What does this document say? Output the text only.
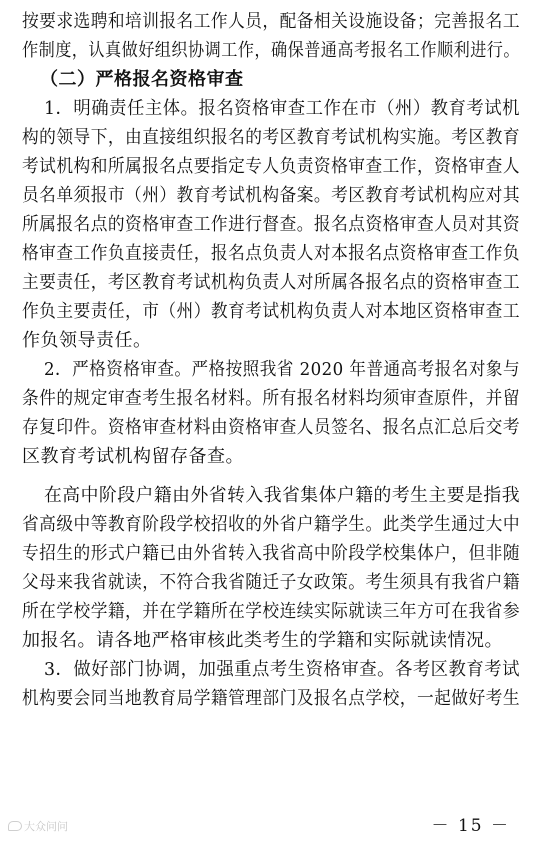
按要求选聘和培训报名工作人员，配备相关设施设备；完善报名工
作制度，认真做好组织协调工作，确保普通高考报名工作顺利进行。
（二）严格报名资格审查
1．明确责任主体。报名资格审查工作在市（州）教育考试机
构的领导下，由直接组织报名的考区教育考试机构实施。考区教育
考试机构和所属报名点要指定专人负责资格审查工作，资格审查人
员名单须报市（州）教育考试机构备案。考区教育考试机构应对其
所属报名点的资格审查工作进行督查。报名点资格审查人员对其资
格审查工作负直接责任，报名点负责人对本报名点资格审查工作负
主要责任，考区教育考试机构负责人对所属各报名点的资格审查工
作负主要责任，市（州）教育考试机构负责人对本地区资格审查工
作负领导责任。
2．严格资格审查。严格按照我省 2020 年普通高考报名对象与
条件的规定审查考生报名材料。所有报名材料均须审查原件，并留
存复印件。资格审查材料由资格审查人员签名、报名点汇总后交考
区教育考试机构留存备查。
在高中阶段户籍由外省转入我省集体户籍的考生主要是指我
省高级中等教育阶段学校招收的外省户籍学生。此类学生通过大中
专招生的形式户籍已由外省转入我省高中阶段学校集体户，但非随
父母来我省就读，不符合我省随迁子女政策。考生须具有我省户籍
所在学校学籍，并在学籍所在学校连续实际就读三年方可在我省参
加报名。请各地严格审核此类考生的学籍和实际就读情况。
3．做好部门协调，加强重点考生资格审查。各考区教育考试
机构要会同当地教育局学籍管理部门及报名点学校，一起做好考生
大众问问	－ 15 －
